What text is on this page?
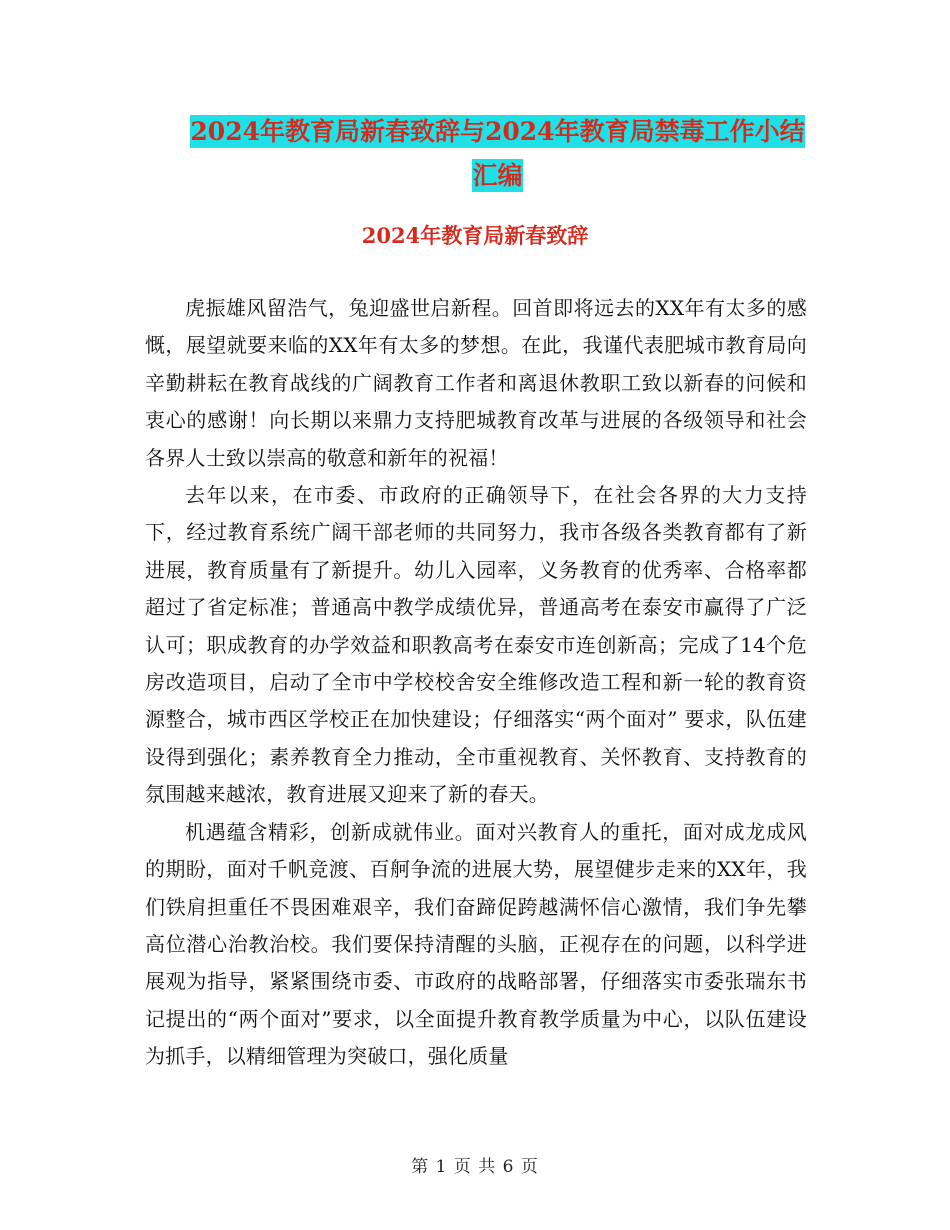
2024年教育局新春致辞与2024年教育局禁毒工作小结
汇编
2024年教育局新春致辞

虎振雄风留浩气，兔迎盛世启新程。回首即将远去的XX年有太多的感慨，展望就要来临的XX年有太多的梦想。在此，我谨代表肥城市教育局向辛勤耕耘在教育战线的广阔教育工作者和离退休教职工致以新春的问候和衷心的感谢！向长期以来鼎力支持肥城教育改革与进展的各级领导和社会各界人士致以崇高的敬意和新年的祝福！

去年以来，在市委、市政府的正确领导下，在社会各界的大力支持下，经过教育系统广阔干部老师的共同努力，我市各级各类教育都有了新进展，教育质量有了新提升。幼儿入园率，义务教育的优秀率、合格率都超过了省定标准；普通高中教学成绩优异，普通高考在泰安市赢得了广泛认可；职成教育的办学效益和职教高考在泰安市连创新高；完成了14个危房改造项目，启动了全市中学校校舍安全维修改造工程和新一轮的教育资源整合，城市西区学校正在加快建设；仔细落实“两个面对” 要求，队伍建设得到强化；素养教育全力推动，全市重视教育、关怀教育、支持教育的氛围越来越浓，教育进展又迎来了新的春天。

机遇蕴含精彩，创新成就伟业。面对兴教育人的重托，面对成龙成风的期盼，面对千帆竞渡、百舸争流的进展大势，展望健步走来的XX年，我们铁肩担重任不畏困难艰辛，我们奋蹄促跨越满怀信心激情，我们争先攀高位潜心治教治校。我们要保持清醒的头脑，正视存在的问题，以科学进展观为指导，紧紧围绕市委、市政府的战略部署，仔细落实市委张瑞东书记提出的“两个面对”要求，以全面提升教育教学质量为中心，以队伍建设为抓手，以精细管理为突破口，强化质量

第 1 页 共 6 页
